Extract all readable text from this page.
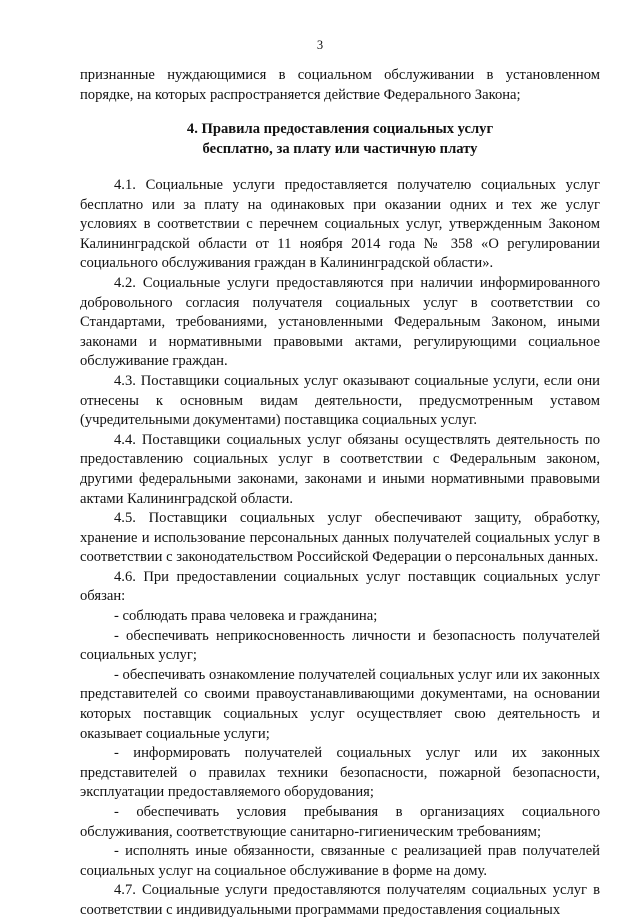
3

признанные нуждающимися в социальном обслуживании в установленном порядке, на которых распространяется действие Федерального Закона;

4. Правила предоставления социальных услуг
бесплатно, за плату или частичную плату

4.1. Социальные услуги предоставляется получателю социальных услуг бесплатно или за плату на одинаковых при оказании одних и тех же услуг условиях в соответствии с перечнем социальных услуг, утвержденным Законом Калининградской области от 11 ноября 2014 года № 358 «О регулировании социального обслуживания граждан в Калининградской области».

4.2. Социальные услуги предоставляются при наличии информированного добровольного согласия получателя социальных услуг в соответствии со Стандартами, требованиями, установленными Федеральным Законом, иными законами и нормативными правовыми актами, регулирующими социальное обслуживание граждан.

4.3. Поставщики социальных услуг оказывают социальные услуги, если они отнесены к основным видам деятельности, предусмотренным уставом (учредительными документами) поставщика социальных услуг.

4.4. Поставщики социальных услуг обязаны осуществлять деятельность по предоставлению социальных услуг в соответствии с Федеральным законом, другими федеральными законами, законами и иными нормативными правовыми актами Калининградской области.

4.5. Поставщики социальных услуг обеспечивают защиту, обработку, хранение и использование персональных данных получателей социальных услуг в соответствии с законодательством Российской Федерации о персональных данных.

4.6. При предоставлении социальных услуг поставщик социальных услуг обязан:

- соблюдать права человека и гражданина;

- обеспечивать неприкосновенность личности и безопасность получателей социальных услуг;

- обеспечивать ознакомление получателей социальных услуг или их законных представителей со своими правоустанавливающими документами, на основании которых поставщик социальных услуг осуществляет свою деятельность и оказывает социальные услуги;

- информировать получателей социальных услуг или их законных представителей о правилах техники безопасности, пожарной безопасности, эксплуатации предоставляемого оборудования;

- обеспечивать условия пребывания в организациях социального обслуживания, соответствующие санитарно-гигиеническим требованиям;

- исполнять иные обязанности, связанные с реализацией прав получателей социальных услуг на социальное обслуживание в форме на дому.

4.7. Социальные услуги предоставляются получателям социальных услуг в соответствии с индивидуальными программами предоставления социальных
